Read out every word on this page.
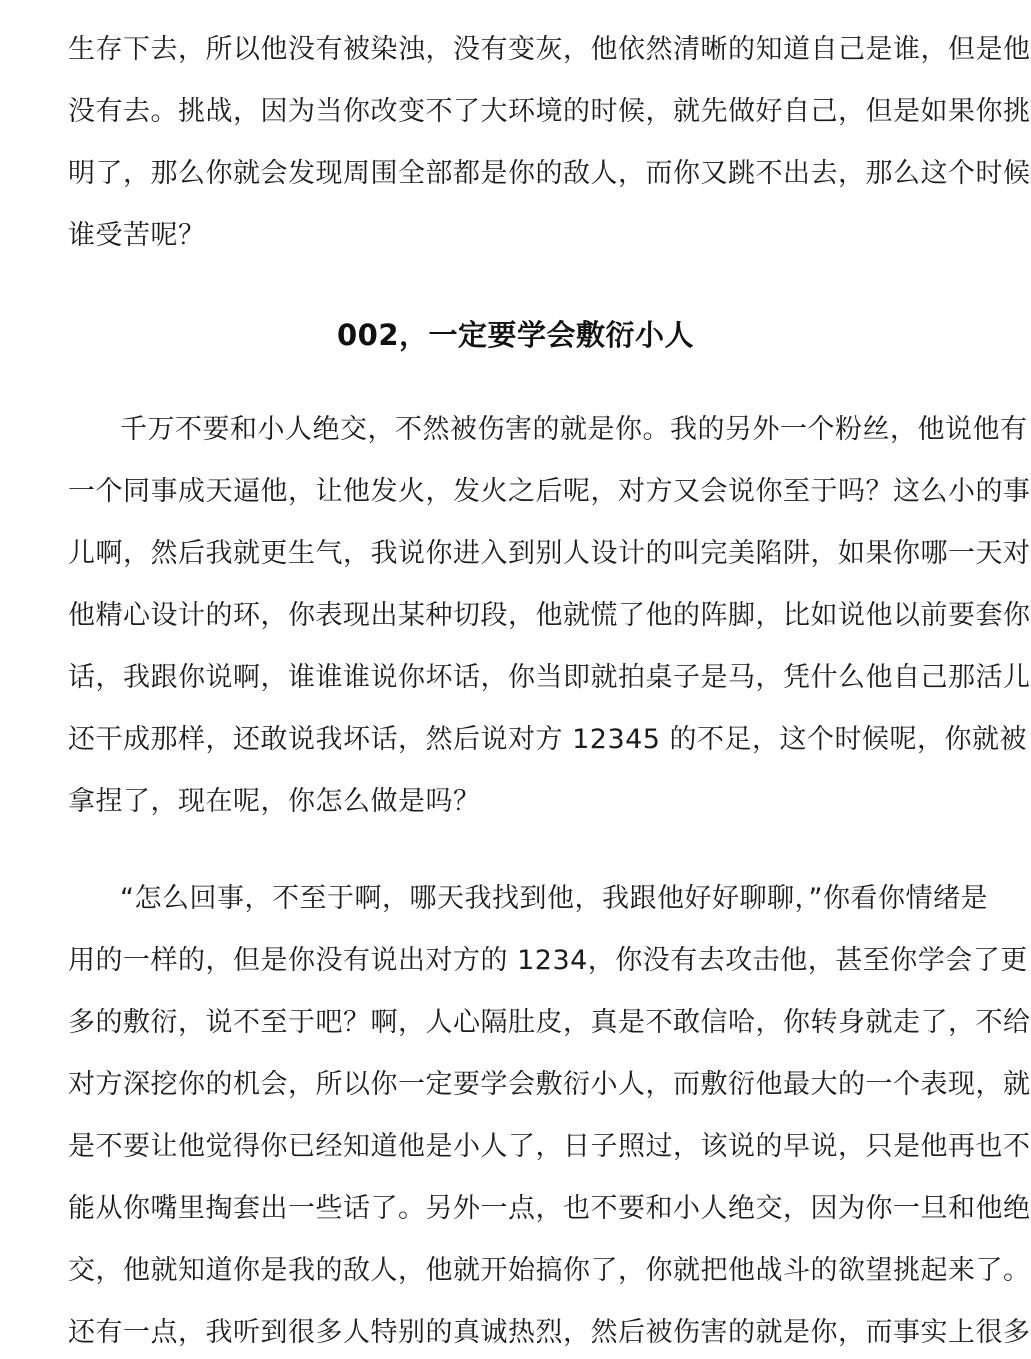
生存下去，所以他没有被染浊，没有变灰，他依然清晰的知道自己是谁，但是他
没有去。挑战，因为当你改变不了大环境的时候，就先做好自己，但是如果你挑
明了，那么你就会发现周围全部都是你的敌人，而你又跳不出去，那么这个时候
谁受苦呢？
002，一定要学会敷衍小人
千万不要和小人绝交，不然被伤害的就是你。我的另外一个粉丝，他说他有
一个同事成天逼他，让他发火，发火之后呢，对方又会说你至于吗？这么小的事
儿啊，然后我就更生气，我说你进入到别人设计的叫完美陷阱，如果你哪一天对
他精心设计的环，你表现出某种切段，他就慌了他的阵脚，比如说他以前要套你
话，我跟你说啊，谁谁谁说你坏话，你当即就拍桌子是马，凭什么他自己那活儿
还干成那样，还敢说我坏话，然后说对方 12345 的不足，这个时候呢，你就被
拿捏了，现在呢，你怎么做是吗？
“怎么回事，不至于啊，哪天我找到他，我跟他好好聊聊，”你看你情绪是
用的一样的，但是你没有说出对方的 1234，你没有去攻击他，甚至你学会了更
多的敷衍，说不至于吧？啊，人心隔肚皮，真是不敢信哈，你转身就走了，不给
对方深挖你的机会，所以你一定要学会敷衍小人，而敷衍他最大的一个表现，就
是不要让他觉得你已经知道他是小人了，日子照过，该说的早说，只是他再也不
能从你嘴里掏套出一些话了。另外一点，也不要和小人绝交，因为你一旦和他绝
交，他就知道你是我的敌人，他就开始搞你了，你就把他战斗的欲望挑起来了。
还有一点，我听到很多人特别的真诚热烈，然后被伤害的就是你，而事实上很多
